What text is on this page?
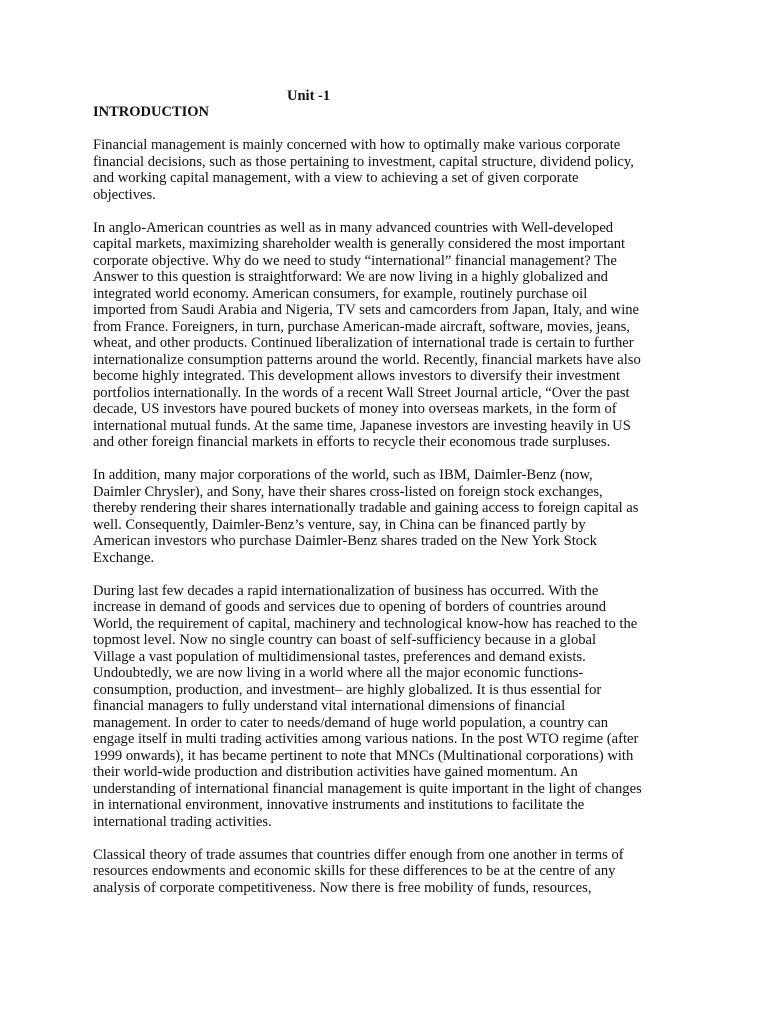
Unit -1
INTRODUCTION

Financial management is mainly concerned with how to optimally make various corporate
financial decisions, such as those pertaining to investment, capital structure, dividend policy,
and working capital management, with a view to achieving a set of given corporate
objectives.

In anglo-American countries as well as in many advanced countries with Well-developed
capital markets, maximizing shareholder wealth is generally considered the most important
corporate objective. Why do we need to study “international” financial management? The
Answer to this question is straightforward: We are now living in a highly globalized and
integrated world economy. American consumers, for example, routinely purchase oil
imported from Saudi Arabia and Nigeria, TV sets and camcorders from Japan, Italy, and wine
from France. Foreigners, in turn, purchase American-made aircraft, software, movies, jeans,
wheat, and other products. Continued liberalization of international trade is certain to further
internationalize consumption patterns around the world. Recently, financial markets have also
become highly integrated. This development allows investors to diversify their investment
portfolios internationally. In the words of a recent Wall Street Journal article, “Over the past
decade, US investors have poured buckets of money into overseas markets, in the form of
international mutual funds. At the same time, Japanese investors are investing heavily in US
and other foreign financial markets in efforts to recycle their economous trade surpluses.

In addition, many major corporations of the world, such as IBM, Daimler-Benz (now,
Daimler Chrysler), and Sony, have their shares cross-listed on foreign stock exchanges,
thereby rendering their shares internationally tradable and gaining access to foreign capital as
well. Consequently, Daimler-Benz’s venture, say, in China can be financed partly by
American investors who purchase Daimler-Benz shares traded on the New York Stock
Exchange.

During last few decades a rapid internationalization of business has occurred. With the
increase in demand of goods and services due to opening of borders of countries around
World, the requirement of capital, machinery and technological know-how has reached to the
topmost level. Now no single country can boast of self-sufficiency because in a global
Village a vast population of multidimensional tastes, preferences and demand exists.
Undoubtedly, we are now living in a world where all the major economic functions-
consumption, production, and investment– are highly globalized. It is thus essential for
financial managers to fully understand vital international dimensions of financial
management. In order to cater to needs/demand of huge world population, a country can
engage itself in multi trading activities among various nations. In the post WTO regime (after
1999 onwards), it has became pertinent to note that MNCs (Multinational corporations) with
their world-wide production and distribution activities have gained momentum. An
understanding of international financial management is quite important in the light of changes
in international environment, innovative instruments and institutions to facilitate the
international trading activities.

Classical theory of trade assumes that countries differ enough from one another in terms of
resources endowments and economic skills for these differences to be at the centre of any
analysis of corporate competitiveness. Now there is free mobility of funds, resources,
